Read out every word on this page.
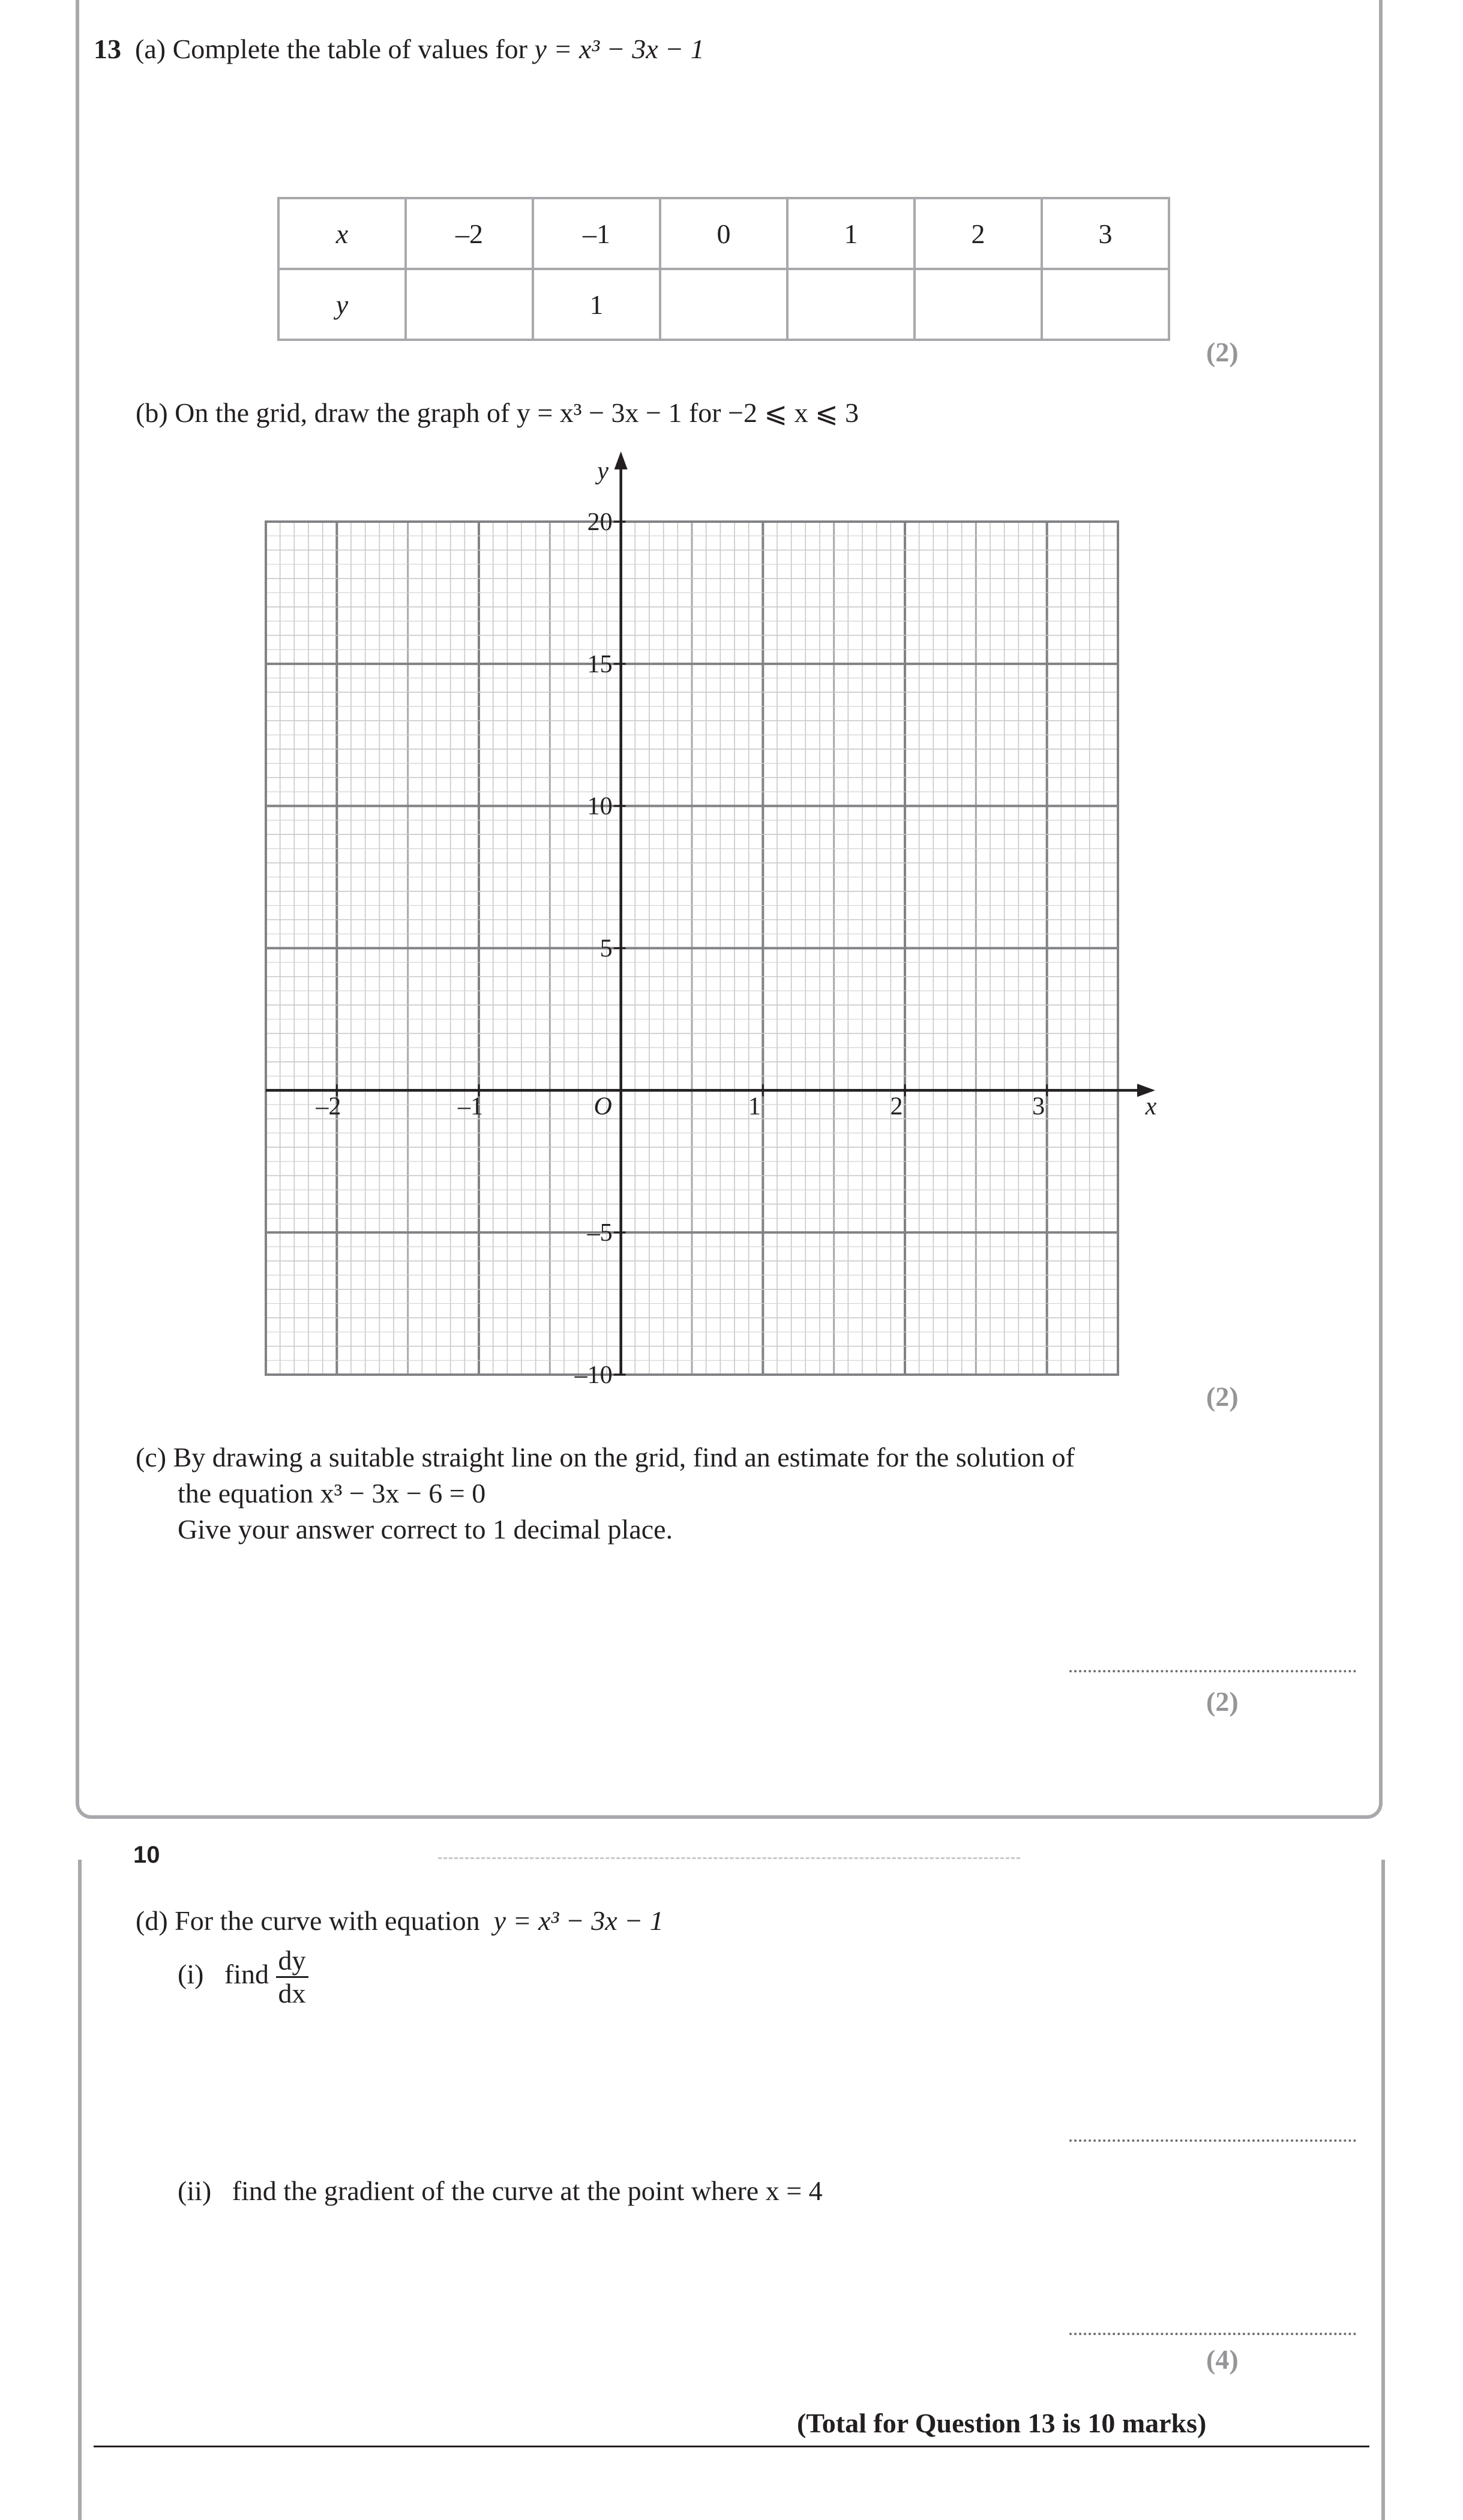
13 (a) Complete the table of values for y = x³ − 3x − 1
x	–2	–1	0	1	2	3
y		1				
(2)
(b) On the grid, draw the graph of y = x³ − 3x − 1 for −2 ⩽ x ⩽ 3
x
y
O
–2	–1	1	2	3
–10
–5
5
10
15
20
(2)
(c) By drawing a suitable straight line on the grid, find an estimate for the solution of
the equation x³ − 3x − 6 = 0
Give your answer correct to 1 decimal place.
(2)
10
(d) For the curve with equation y = x³ − 3x − 1
(i) find $\frac{dy}{dx}$
(ii) find the gradient of the curve at the point where x = 4
(4)
(Total for Question 13 is 10 marks)
